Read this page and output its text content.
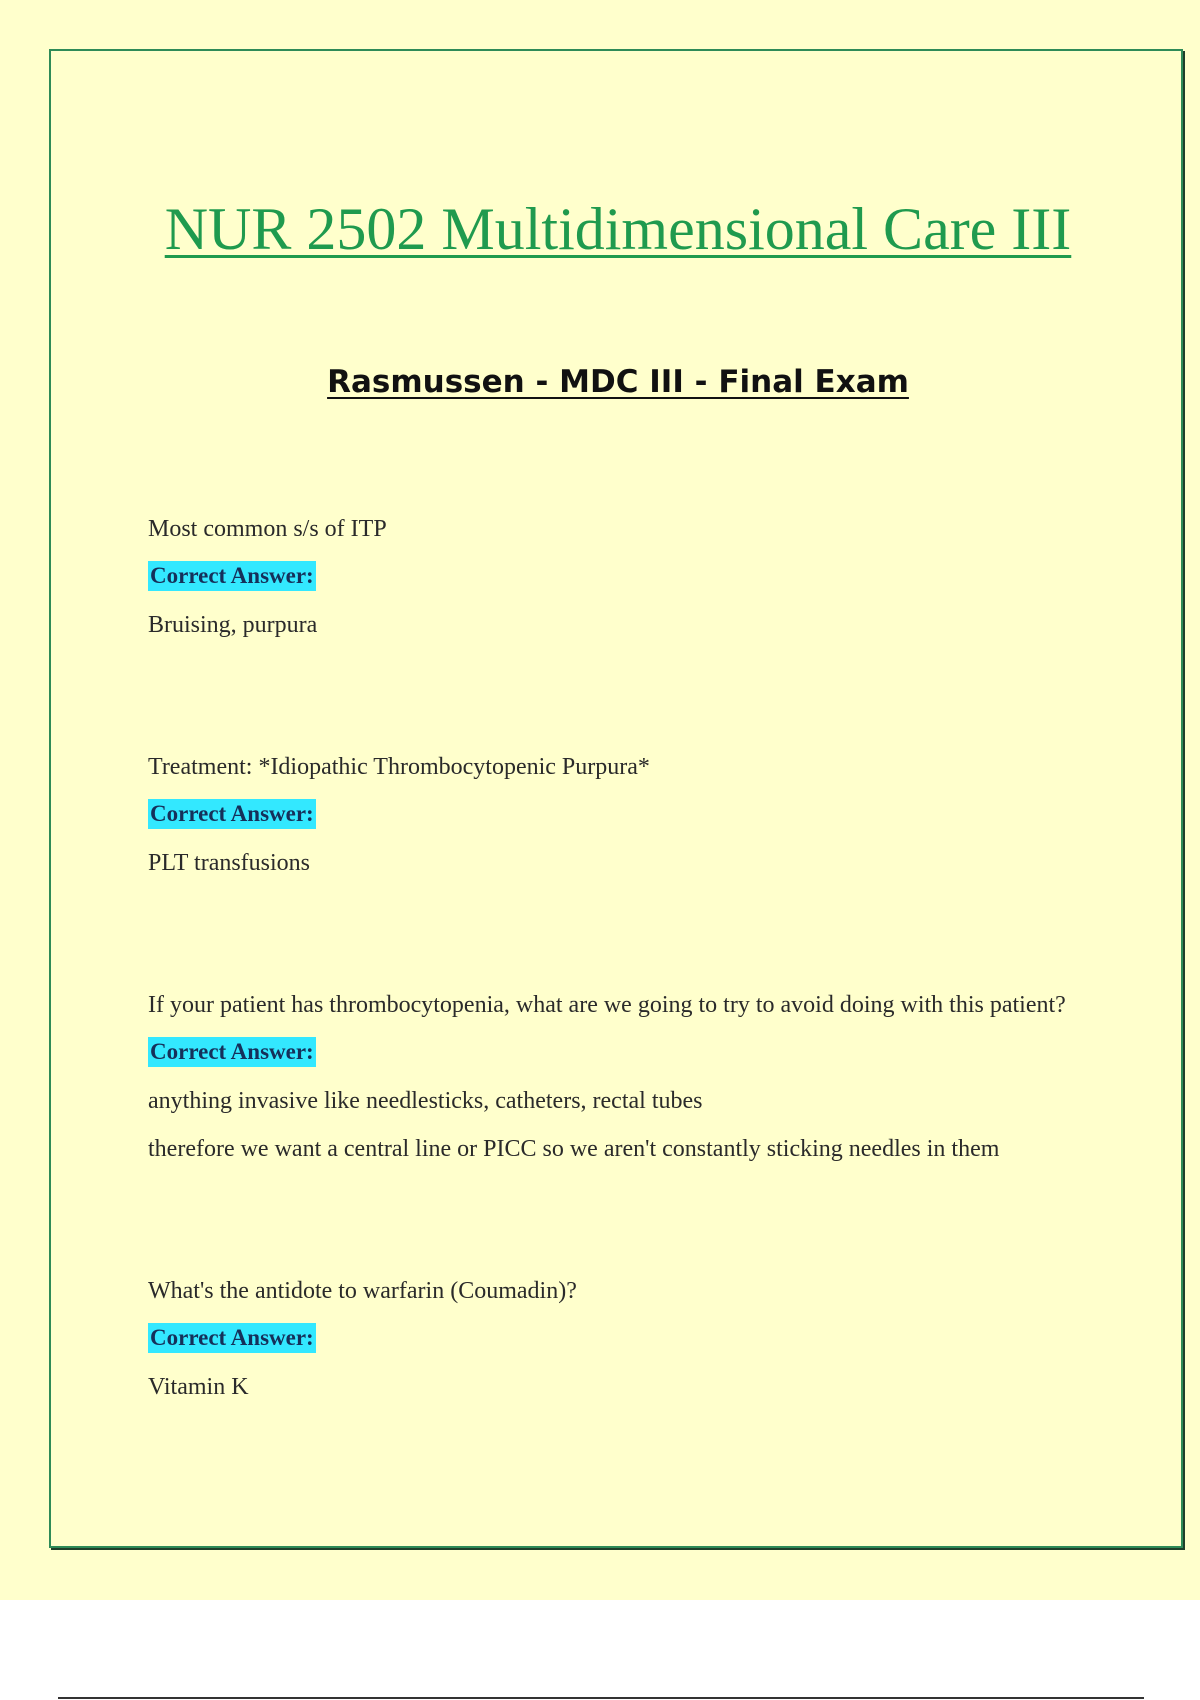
NUR 2502 Multidimensional Care III
Rasmussen - MDC III - Final Exam

Most common s/s of ITP

Correct Answer:

Bruising, purpura

Treatment: *Idiopathic Thrombocytopenic Purpura*

Correct Answer:

PLT transfusions

If your patient has thrombocytopenia, what are we going to try to avoid doing with this patient?

Correct Answer:

anything invasive like needlesticks, catheters, rectal tubes

therefore we want a central line or PICC so we aren't constantly sticking needles in them

What's the antidote to warfarin (Coumadin)?

Correct Answer:

Vitamin K
